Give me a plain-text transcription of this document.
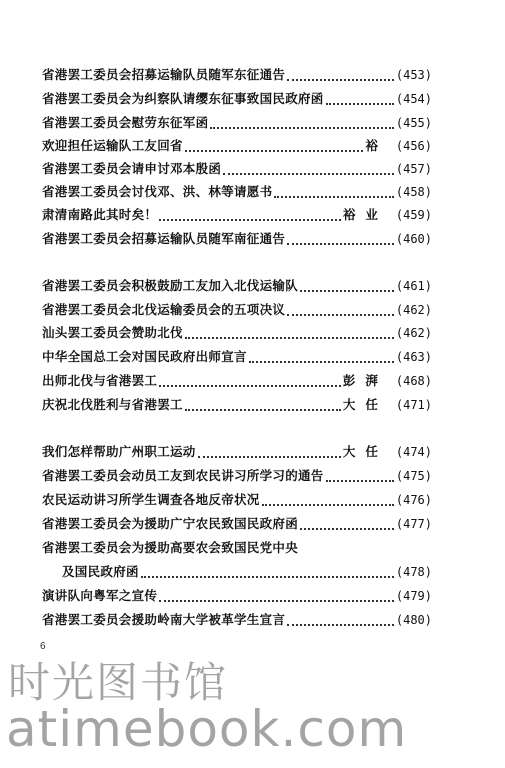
省港罢工委员会招募运输队员随军东征通告	(453)
省港罢工委员会为纠察队请缨东征事致国民政府函	(454)
省港罢工委员会慰劳东征军函	(455)
欢迎担任运输队工友回省	裕 (456)
省港罢工委员会请申讨邓本殷函	(457)
省港罢工委员会讨伐邓、洪、林等请愿书	(458)
肃清南路此其时矣！	裕业 (459)
省港罢工委员会招募运输队员随军南征通告	(460)
省港罢工委员会积极鼓励工友加入北伐运输队	(461)
省港罢工委员会北伐运输委员会的五项决议	(462)
汕头罢工委员会赞助北伐	(462)
中华全国总工会对国民政府出师宣言	(463)
出师北伐与省港罢工	彭湃 (468)
庆祝北伐胜利与省港罢工	大任 (471)
我们怎样帮助广州职工运动	大任 (474)
省港罢工委员会动员工友到农民讲习所学习的通告	(475)
农民运动讲习所学生调查各地反帝状况	(476)
省港罢工委员会为援助广宁农民致国民政府函	(477)
省港罢工委员会为援助高要农会致国民党中央
及国民政府函	(478)
演讲队向粤军之宣传	(479)
省港罢工委员会援助岭南大学被革学生宣言	(480)
6
时光图书馆
atimebook.com
